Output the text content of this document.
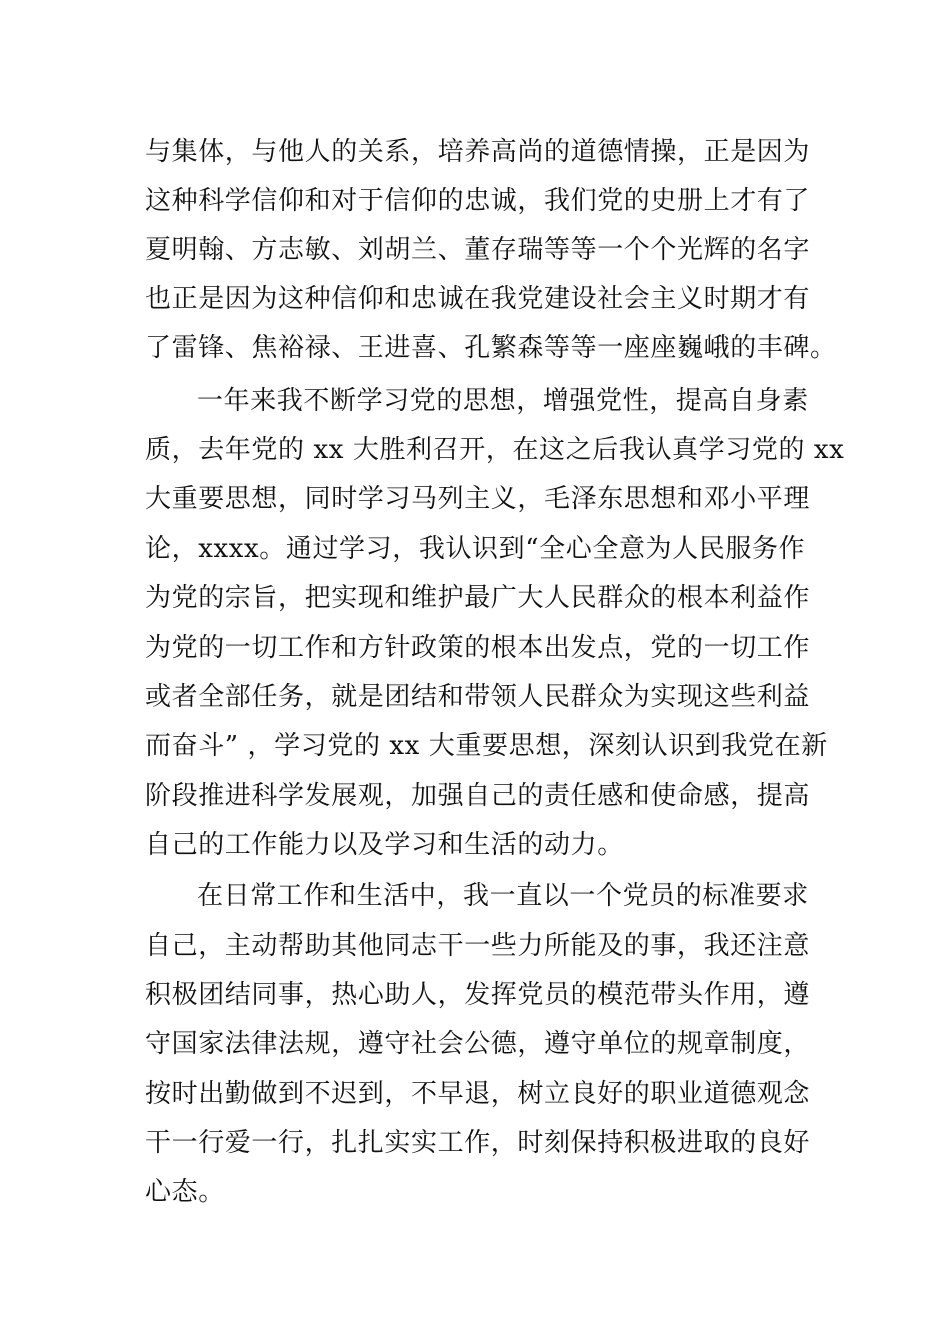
与集体，与他人的关系，培养高尚的道德情操，正是因为
这种科学信仰和对于信仰的忠诚，我们党的史册上才有了
夏明翰、方志敏、刘胡兰、董存瑞等等一个个光辉的名字
也正是因为这种信仰和忠诚在我党建设社会主义时期才有
了雷锋、焦裕禄、王进喜、孔繁森等等一座座巍峨的丰碑。
一年来我不断学习党的思想，增强党性，提高自身素
质，去年党的 xx 大胜利召开，在这之后我认真学习党的 xx
大重要思想，同时学习马列主义，毛泽东思想和邓小平理
论，xxxx。通过学习，我认识到“全心全意为人民服务作
为党的宗旨，把实现和维护最广大人民群众的根本利益作
为党的一切工作和方针政策的根本出发点，党的一切工作
或者全部任务，就是团结和带领人民群众为实现这些利益
而奋斗” ，学习党的 xx 大重要思想，深刻认识到我党在新
阶段推进科学发展观，加强自己的责任感和使命感，提高
自己的工作能力以及学习和生活的动力。
在日常工作和生活中，我一直以一个党员的标准要求
自己，主动帮助其他同志干一些力所能及的事，我还注意
积极团结同事，热心助人，发挥党员的模范带头作用，遵
守国家法律法规，遵守社会公德，遵守单位的规章制度，
按时出勤做到不迟到，不早退，树立良好的职业道德观念
干一行爱一行，扎扎实实工作，时刻保持积极进取的良好
心态。
